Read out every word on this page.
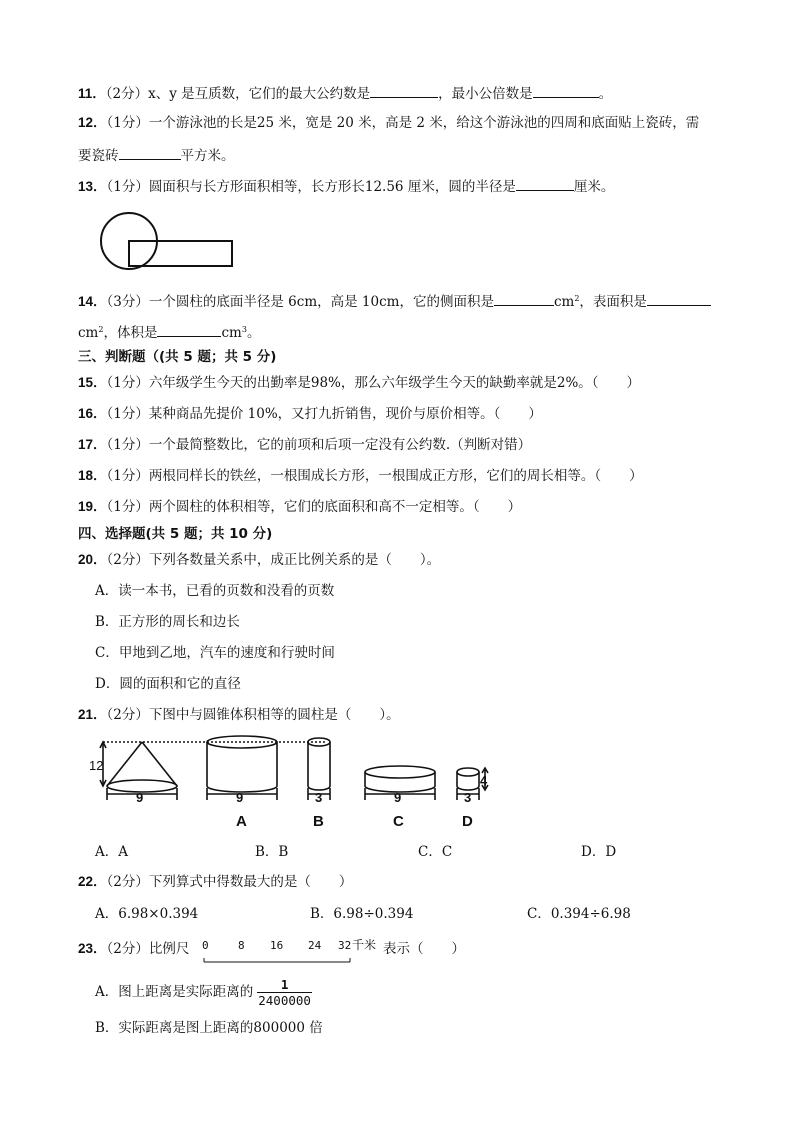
11．（2分）x、y 是互质数，它们的最大公约数是	，最小公倍数是	。
12．（1分）一个游泳池的长是25 米，宽是 20 米，高是 2 米，给这个游泳池的四周和底面贴上瓷砖，需
要瓷砖	平方米。
13．（1分）圆面积与长方形面积相等，长方形长12.56 厘米，圆的半径是	厘米。
14．（3分）一个圆柱的底面半径是 6cm，高是 10cm，它的侧面积是	$cm^2$，表面积是
$cm^2$，体积是	$cm^3$。
三、判断题（(共 5 题；共 5 分)
15．（1分）六年级学生今天的出勤率是98%，那么六年级学生今天的缺勤率就是2%。（ ）
16．（1分）某种商品先提价 10%，又打九折销售，现价与原价相等。（ ）
17．（1分）一个最简整数比，它的前项和后项一定没有公约数.（判断对错）
18．（1分）两根同样长的铁丝，一根围成长方形，一根围成正方形，它们的周长相等。（ ）
19．（1分）两个圆柱的体积相等，它们的底面积和高不一定相等。（ ）
四、选择题(共 5 题；共 10 分)
20．（2分）下列各数量关系中，成正比例关系的是（ ）。
A．读一本书，已看的页数和没看的页数
B．正方形的周长和边长
C．甲地到乙地，汽车的速度和行驶时间
D．圆的面积和它的直径
21．（2分）下图中与圆锥体积相等的圆柱是（ ）。
12
9	9	3	9	3
4
A	B	C	D
A．A	B．B	C．C	D．D
22．（2分）下列算式中得数最大的是（ ）
A．6.98×0.394	B．6.98÷0.394	C．0.394÷6.98
23．（2分）比例尺 0	8 16 24 32 千米 表示（ ）
A．图上距离是实际距离的 $\frac{1}{2400000}$
B．实际距离是图上距离的800000 倍
